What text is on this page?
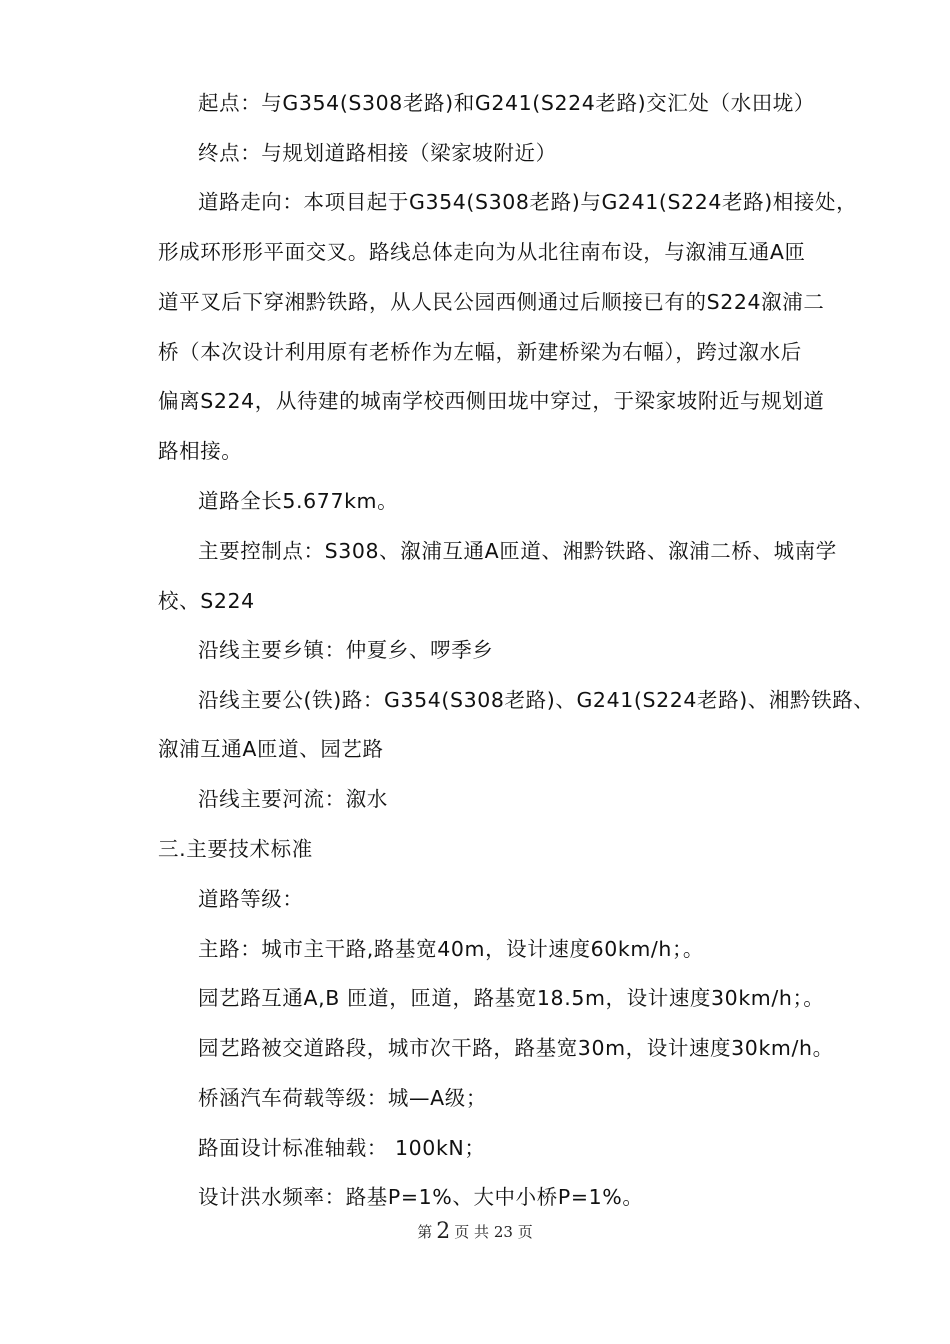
起点：与G354(S308老路)和G241(S224老路)交汇处（水田垅）
终点：与规划道路相接（梁家坡附近）
道路走向：本项目起于G354(S308老路)与G241(S224老路)相接处，
形成环形形平面交叉。路线总体走向为从北往南布设，与溆浦互通A匝
道平叉后下穿湘黔铁路，从人民公园西侧通过后顺接已有的S224溆浦二
桥（本次设计利用原有老桥作为左幅，新建桥梁为右幅），跨过溆水后
偏离S224，从待建的城南学校西侧田垅中穿过，于梁家坡附近与规划道
路相接。
道路全长5.677km。
主要控制点：S308、溆浦互通A匝道、湘黔铁路、溆浦二桥、城南学
校、S224
沿线主要乡镇：仲夏乡、啰季乡
沿线主要公(铁)路：G354(S308老路)、G241(S224老路)、湘黔铁路、
溆浦互通A匝道、园艺路
沿线主要河流：溆水
三.主要技术标准
道路等级：
主路：城市主干路,路基宽40m，设计速度60km/h；。
园艺路互通A,B 匝道，匝道，路基宽18.5m，设计速度30km/h；。
园艺路被交道路段，城市次干路，路基宽30m，设计速度30km/h。
桥涵汽车荷载等级：城—A级；
路面设计标准轴载： 100kN；
设计洪水频率：路基P=1%、大中小桥P=1%。
第 2 页 共 23 页
